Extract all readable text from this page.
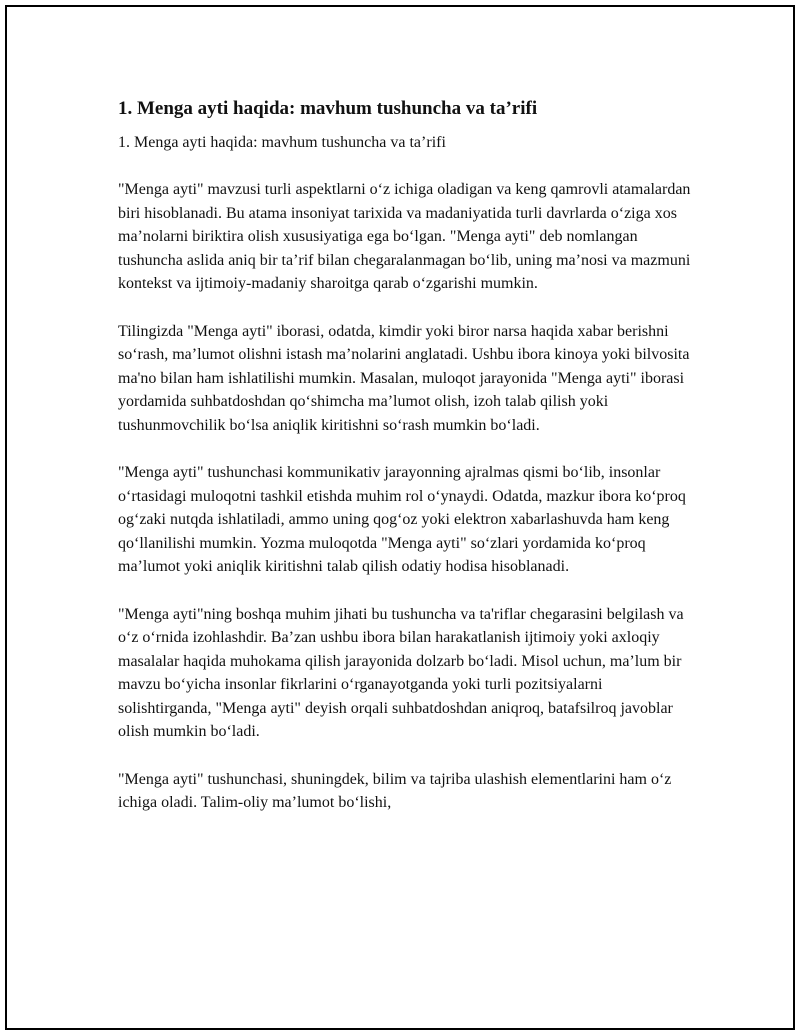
1. Menga ayti haqida: mavhum tushuncha va ta’rifi
1. Menga ayti haqida: mavhum tushuncha va ta’rifi

"Menga ayti" mavzusi turli aspektlarni o‘z ichiga oladigan va keng qamrovli atamalardan biri hisoblanadi. Bu atama insoniyat tarixida va madaniyatida turli davrlarda o‘ziga xos ma’nolarni biriktira olish xususiyatiga ega bo‘lgan. "Menga ayti" deb nomlangan tushuncha aslida aniq bir ta’rif bilan chegaralanmagan bo‘lib, uning ma’nosi va mazmuni kontekst va ijtimoiy-madaniy sharoitga qarab o‘zgarishi mumkin.

Tilingizda "Menga ayti" iborasi, odatda, kimdir yoki biror narsa haqida xabar berishni so‘rash, ma’lumot olishni istash ma’nolarini anglatadi. Ushbu ibora kinoya yoki bilvosita ma'no bilan ham ishlatilishi mumkin. Masalan, muloqot jarayonida "Menga ayti" iborasi yordamida suhbatdoshdan qo‘shimcha ma’lumot olish, izoh talab qilish yoki tushunmovchilik bo‘lsa aniqlik kiritishni so‘rash mumkin bo‘ladi.

"Menga ayti" tushunchasi kommunikativ jarayonning ajralmas qismi bo‘lib, insonlar o‘rtasidagi muloqotni tashkil etishda muhim rol o‘ynaydi. Odatda, mazkur ibora ko‘proq og‘zaki nutqda ishlatiladi, ammo uning qog‘oz yoki elektron xabarlashuvda ham keng qo‘llanilishi mumkin. Yozma muloqotda "Menga ayti" so‘zlari yordamida ko‘proq ma’lumot yoki aniqlik kiritishni talab qilish odatiy hodisa hisoblanadi.

"Menga ayti"ning boshqa muhim jihati bu tushuncha va ta'riflar chegarasini belgilash va o‘z o‘rnida izohlashdir. Ba’zan ushbu ibora bilan harakatlanish ijtimoiy yoki axloqiy masalalar haqida muhokama qilish jarayonida dolzarb bo‘ladi. Misol uchun, ma’lum bir mavzu bo‘yicha insonlar fikrlarini o‘rganayotganda yoki turli pozitsiyalarni solishtirganda, "Menga ayti" deyish orqali suhbatdoshdan aniqroq, batafsilroq javoblar olish mumkin bo‘ladi.

"Menga ayti" tushunchasi, shuningdek, bilim va tajriba ulashish elementlarini ham o‘z ichiga oladi. Talim-oliy ma’lumot bo‘lishi,
